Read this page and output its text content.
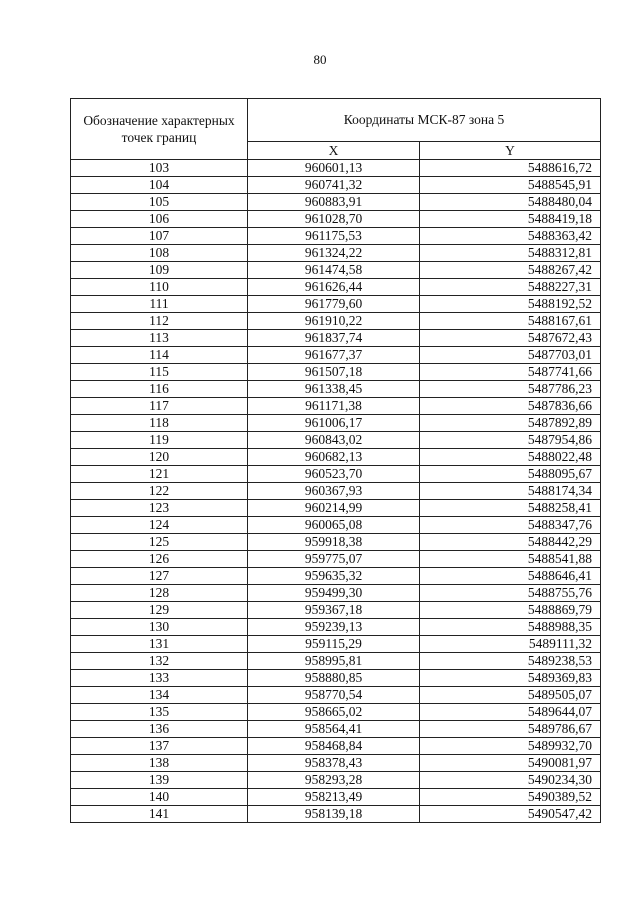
80
Обозначение характерных точек границ	Координаты МСК-87 зона 5	
	X	Y
103	960601,13	5488616,72
104	960741,32	5488545,91
105	960883,91	5488480,04
106	961028,70	5488419,18
107	961175,53	5488363,42
108	961324,22	5488312,81
109	961474,58	5488267,42
110	961626,44	5488227,31
111	961779,60	5488192,52
112	961910,22	5488167,61
113	961837,74	5487672,43
114	961677,37	5487703,01
115	961507,18	5487741,66
116	961338,45	5487786,23
117	961171,38	5487836,66
118	961006,17	5487892,89
119	960843,02	5487954,86
120	960682,13	5488022,48
121	960523,70	5488095,67
122	960367,93	5488174,34
123	960214,99	5488258,41
124	960065,08	5488347,76
125	959918,38	5488442,29
126	959775,07	5488541,88
127	959635,32	5488646,41
128	959499,30	5488755,76
129	959367,18	5488869,79
130	959239,13	5488988,35
131	959115,29	5489111,32
132	958995,81	5489238,53
133	958880,85	5489369,83
134	958770,54	5489505,07
135	958665,02	5489644,07
136	958564,41	5489786,67
137	958468,84	5489932,70
138	958378,43	5490081,97
139	958293,28	5490234,30
140	958213,49	5490389,52
141	958139,18	5490547,42
